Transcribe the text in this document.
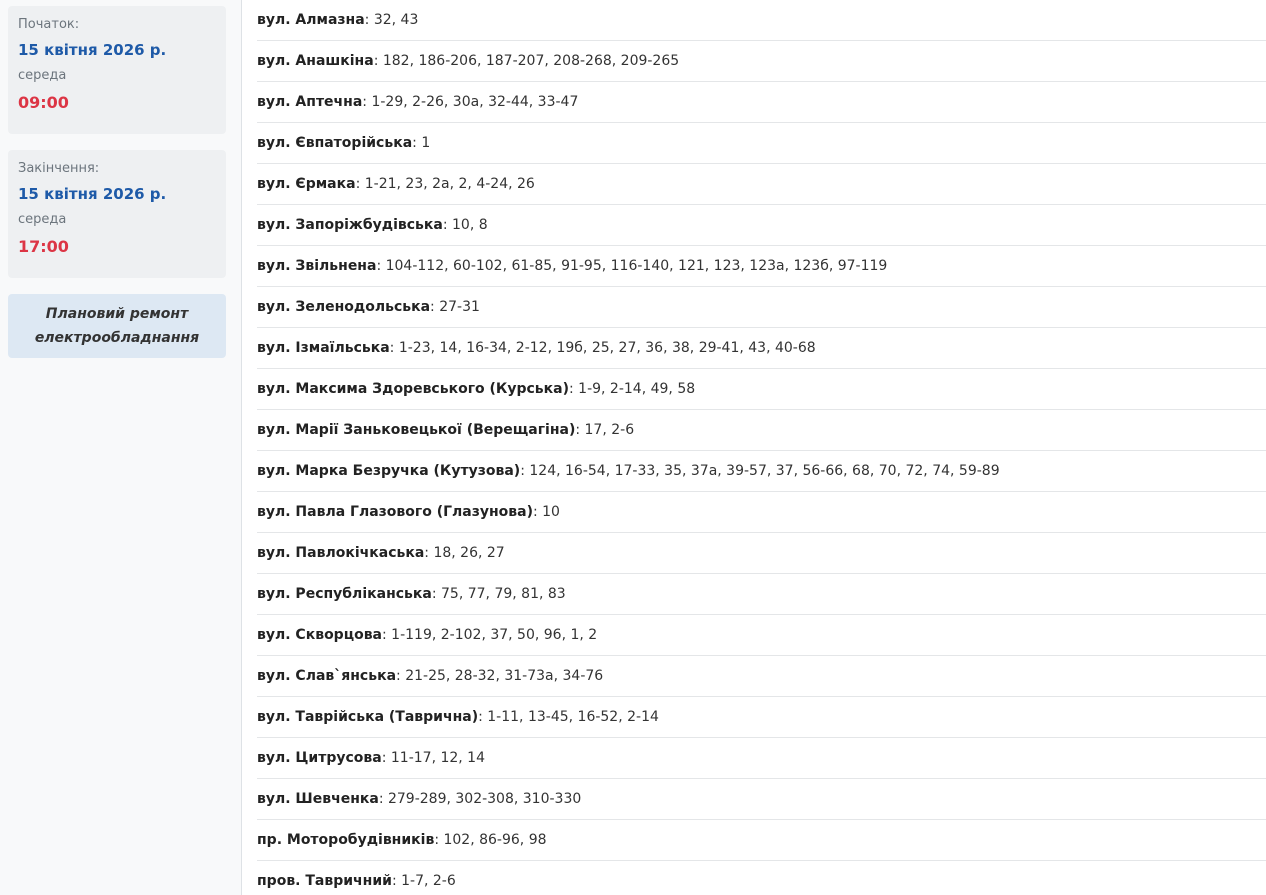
Початок:
15 квітня 2026 р.
середа
09:00
Закінчення:
15 квітня 2026 р.
середа
17:00
Плановий ремонт електрообладнання
вул. Алмазна : 32, 43
вул. Анашкіна : 182, 186-206, 187-207, 208-268, 209-265
вул. Аптечна : 1-29, 2-26, 30а, 32-44, 33-47
вул. Євпаторійська : 1
вул. Єрмака : 1-21, 23, 2а, 2, 4-24, 26
вул. Запоріжбудівська : 10, 8
вул. Звільнена : 104-112, 60-102, 61-85, 91-95, 116-140, 121, 123, 123а, 123б, 97-119
вул. Зеленодольська : 27-31
вул. Ізмаїльська : 1-23, 14, 16-34, 2-12, 19б, 25, 27, 36, 38, 29-41, 43, 40-68
вул. Максима Здоревського (Курська) : 1-9, 2-14, 49, 58
вул. Марії Заньковецької (Верещагіна) : 17, 2-6
вул. Марка Безручка (Кутузова) : 124, 16-54, 17-33, 35, 37а, 39-57, 37, 56-66, 68, 70, 72, 74, 59-89
вул. Павла Глазового (Глазунова) : 10
вул. Павлокічкаська : 18, 26, 27
вул. Республіканська : 75, 77, 79, 81, 83
вул. Скворцова : 1-119, 2-102, 37, 50, 96, 1, 2
вул. Слав`янська : 21-25, 28-32, 31-73а, 34-76
вул. Таврійська (Таврична) : 1-11, 13-45, 16-52, 2-14
вул. Цитрусова : 11-17, 12, 14
вул. Шевченка : 279-289, 302-308, 310-330
пр. Моторобудівників : 102, 86-96, 98
пров. Тавричний : 1-7, 2-6
